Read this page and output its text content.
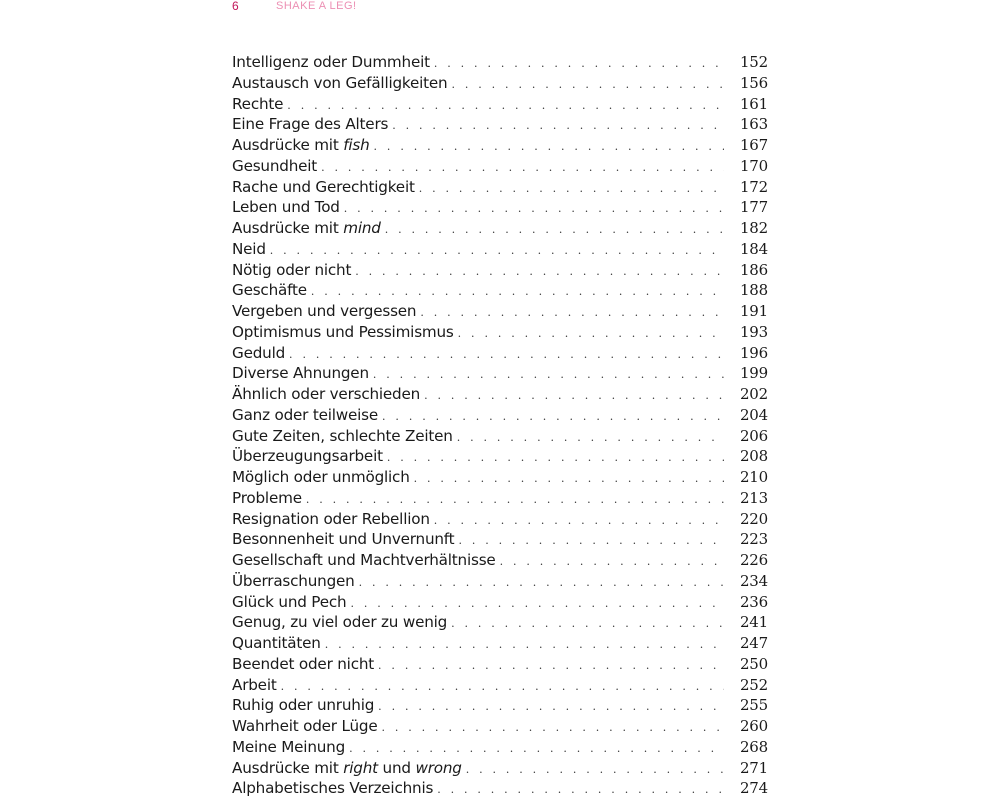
6	SHAKE A LEG!
Intelligenz oder Dummheit . . .	152
Austausch von Gefälligkeiten . . .	156
Rechte . . .	161
Eine Frage des Alters . . .	163
Ausdrücke mit fish . . .	167
Gesundheit . . .	170
Rache und Gerechtigkeit . . .	172
Leben und Tod . . .	177
Ausdrücke mit mind . . .	182
Neid . . .	184
Nötig oder nicht . . .	186
Geschäfte . . .	188
Vergeben und vergessen . . .	191
Optimismus und Pessimismus . . .	193
Geduld . . .	196
Diverse Ahnungen . . .	199
Ähnlich oder verschieden . . .	202
Ganz oder teilweise . . .	204
Gute Zeiten, schlechte Zeiten . . .	206
Überzeugungsarbeit . . .	208
Möglich oder unmöglich . . .	210
Probleme . . .	213
Resignation oder Rebellion . . .	220
Besonnenheit und Unvernunft . . .	223
Gesellschaft und Machtverhältnisse . . .	226
Überraschungen . . .	234
Glück und Pech . . .	236
Genug, zu viel oder zu wenig . . .	241
Quantitäten . . .	247
Beendet oder nicht . . .	250
Arbeit . . .	252
Ruhig oder unruhig . . .	255
Wahrheit oder Lüge . . .	260
Meine Meinung . . .	268
Ausdrücke mit right und wrong . . .	271
Alphabetisches Verzeichnis . . .	274
